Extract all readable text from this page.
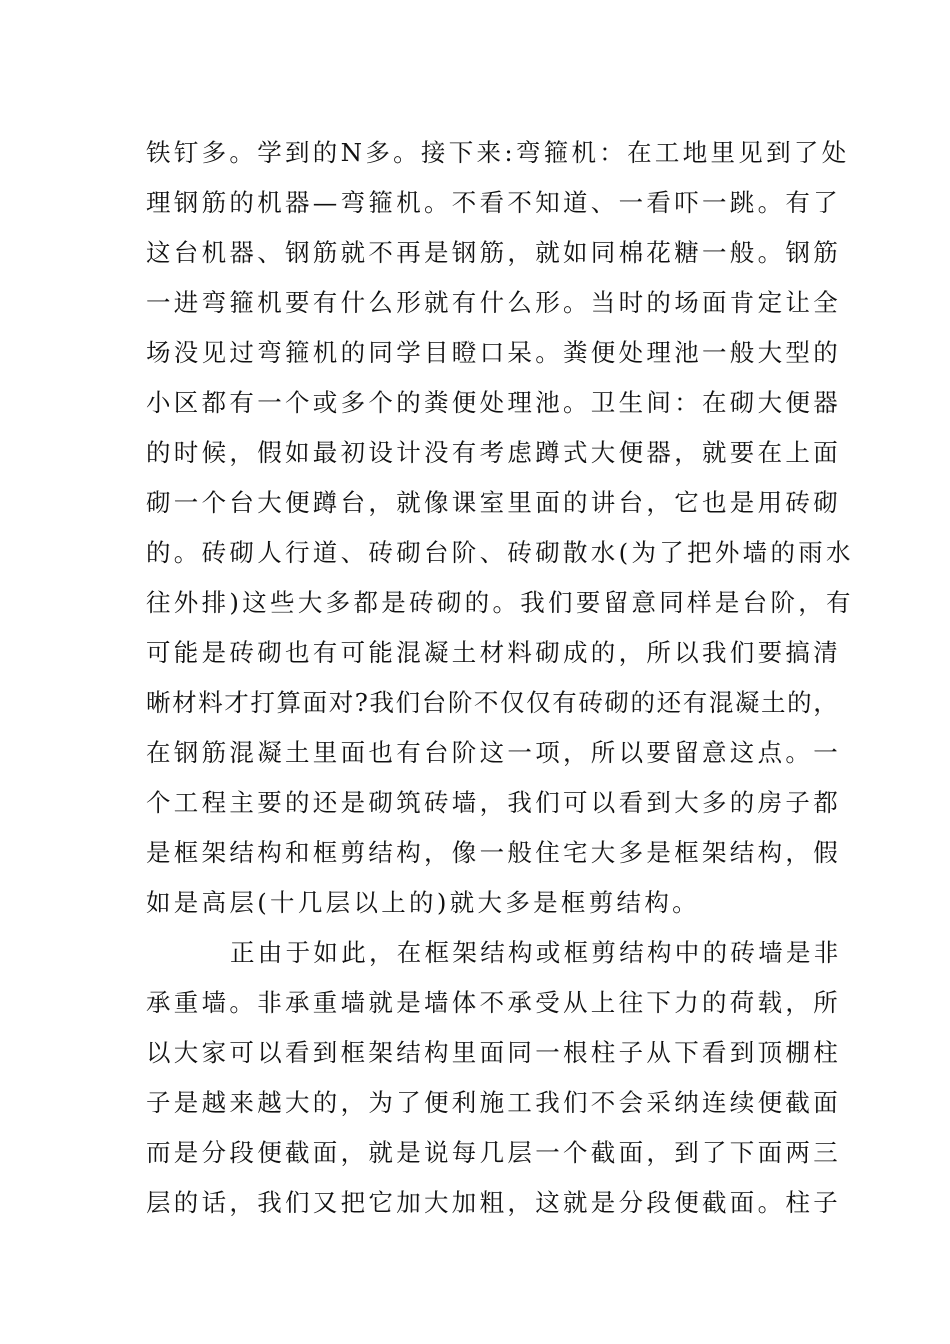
铁钉多。学到的N多。接下来:弯箍机：在工地里见到了处
理钢筋的机器—弯箍机。不看不知道、一看吓一跳。有了
这台机器、钢筋就不再是钢筋，就如同棉花糖一般。钢筋
一进弯箍机要有什么形就有什么形。当时的场面肯定让全
场没见过弯箍机的同学目瞪口呆。粪便处理池一般大型的
小区都有一个或多个的粪便处理池。卫生间：在砌大便器
的时候，假如最初设计没有考虑蹲式大便器，就要在上面
砌一个台大便蹲台，就像课室里面的讲台，它也是用砖砌
的。砖砌人行道、砖砌台阶、砖砌散水(为了把外墙的雨水
往外排)这些大多都是砖砌的。我们要留意同样是台阶，有
可能是砖砌也有可能混凝土材料砌成的，所以我们要搞清
晰材料才打算面对?我们台阶不仅仅有砖砌的还有混凝土的，
在钢筋混凝土里面也有台阶这一项，所以要留意这点。一
个工程主要的还是砌筑砖墙，我们可以看到大多的房子都
是框架结构和框剪结构，像一般住宅大多是框架结构，假
如是高层(十几层以上的)就大多是框剪结构。
正由于如此，在框架结构或框剪结构中的砖墙是非
承重墙。非承重墙就是墙体不承受从上往下力的荷载，所
以大家可以看到框架结构里面同一根柱子从下看到顶棚柱
子是越来越大的，为了便利施工我们不会采纳连续便截面
而是分段便截面，就是说每几层一个截面，到了下面两三
层的话，我们又把它加大加粗，这就是分段便截面。柱子
